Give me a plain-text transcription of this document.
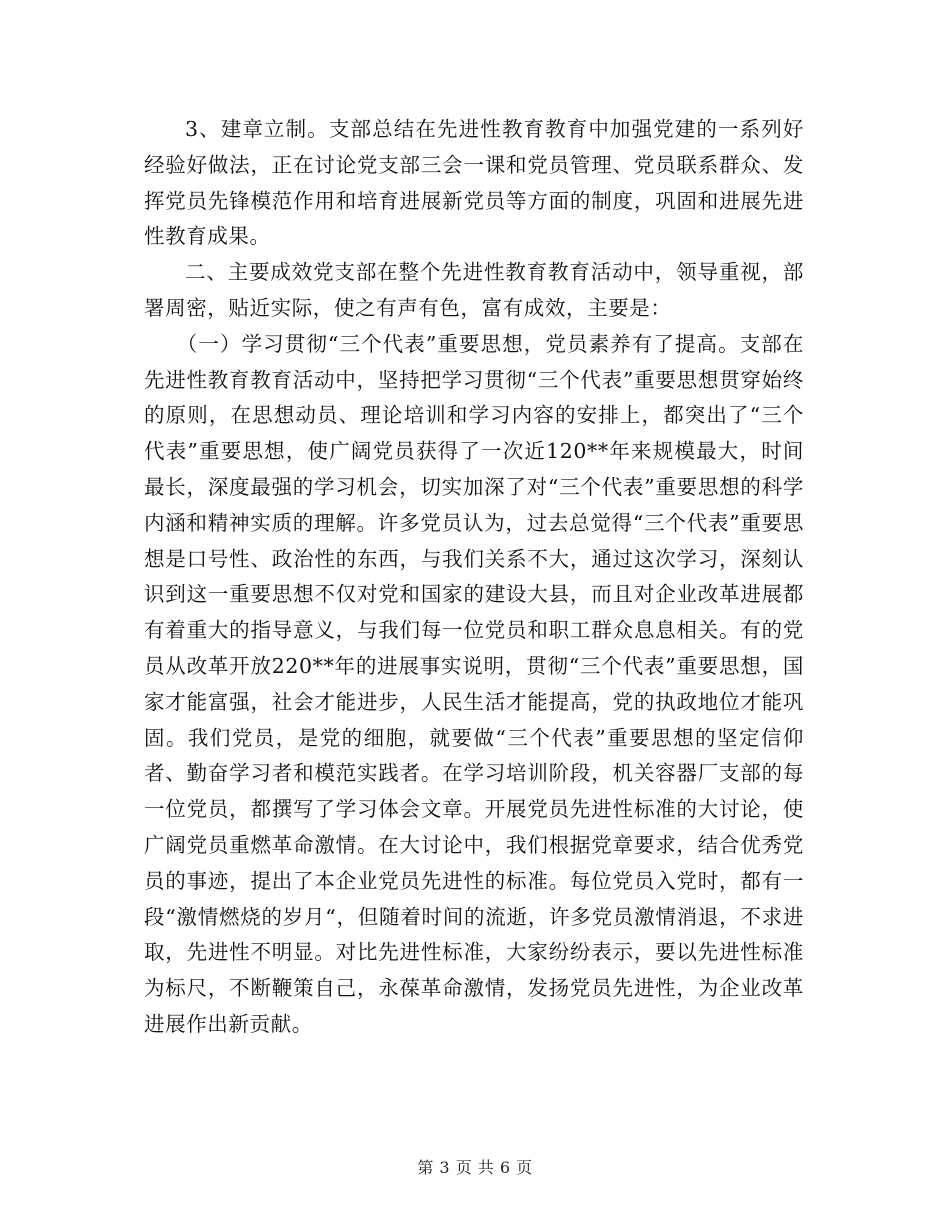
3、建章立制。支部总结在先进性教育教育中加强党建的一系列好经验好做法，正在讨论党支部三会一课和党员管理、党员联系群众、发挥党员先锋模范作用和培育进展新党员等方面的制度，巩固和进展先进性教育成果。

二、主要成效党支部在整个先进性教育教育活动中，领导重视，部署周密，贴近实际，使之有声有色，富有成效，主要是：

（一）学习贯彻“三个代表”重要思想，党员素养有了提高。支部在先进性教育教育活动中，坚持把学习贯彻“三个代表”重要思想贯穿始终的原则，在思想动员、理论培训和学习内容的安排上，都突出了“三个代表”重要思想，使广阔党员获得了一次近120**年来规模最大，时间最长，深度最强的学习机会，切实加深了对“三个代表”重要思想的科学内涵和精神实质的理解。许多党员认为，过去总觉得“三个代表”重要思想是口号性、政治性的东西，与我们关系不大，通过这次学习，深刻认识到这一重要思想不仅对党和国家的建设大县，而且对企业改革进展都有着重大的指导意义，与我们每一位党员和职工群众息息相关。有的党员从改革开放220**年的进展事实说明，贯彻“三个代表”重要思想，国家才能富强，社会才能进步，人民生活才能提高，党的执政地位才能巩固。我们党员，是党的细胞，就要做“三个代表”重要思想的坚定信仰者、勤奋学习者和模范实践者。在学习培训阶段，机关容器厂支部的每一位党员，都撰写了学习体会文章。开展党员先进性标准的大讨论，使广阔党员重燃革命激情。在大讨论中，我们根据党章要求，结合优秀党员的事迹，提出了本企业党员先进性的标准。每位党员入党时，都有一段“激情燃烧的岁月“，但随着时间的流逝，许多党员激情消退，不求进取，先进性不明显。对比先进性标准，大家纷纷表示，要以先进性标准为标尺，不断鞭策自己，永葆革命激情，发扬党员先进性，为企业改革进展作出新贡献。

第 3 页 共 6 页
